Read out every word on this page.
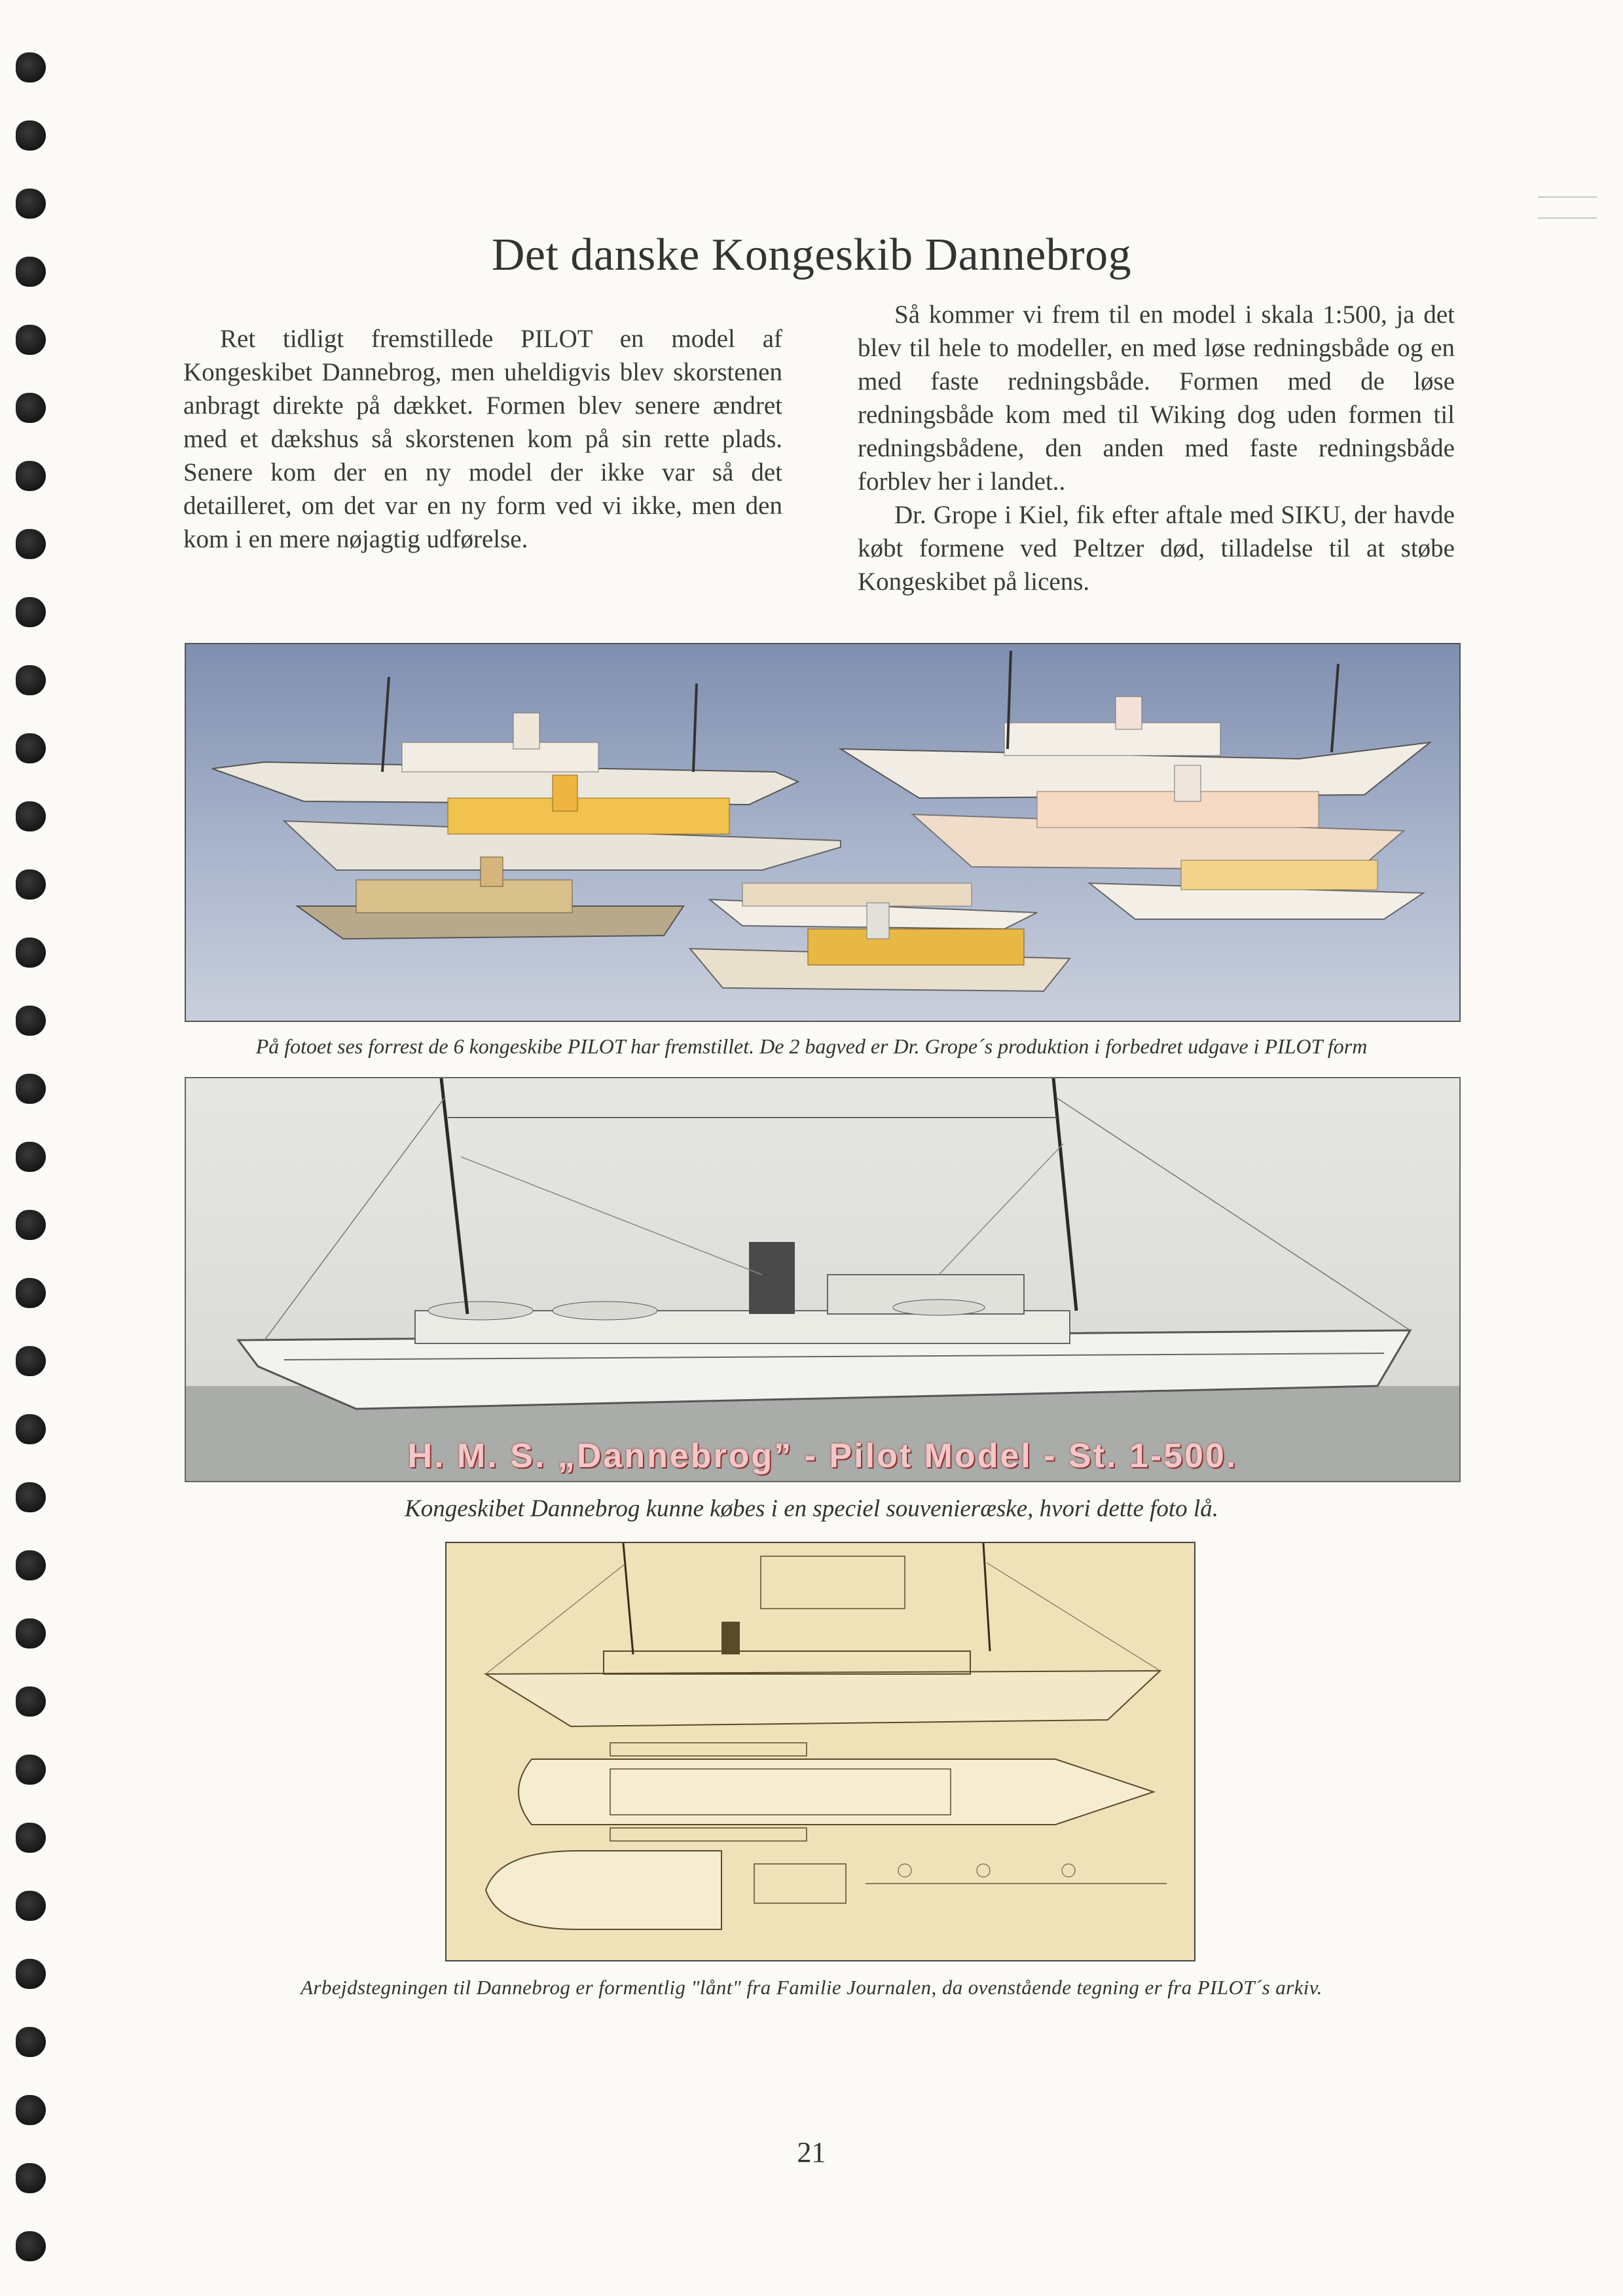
Det danske Kongeskib Dannebrog

Ret tidligt fremstillede PILOT en model af Kongeskibet Dannebrog, men uheldigvis blev skorstenen anbragt direkte på dækket. Formen blev senere ændret med et dækshus så skorstenen kom på sin rette plads. Senere kom der en ny model der ikke var så det detailleret, om det var en ny form ved vi ikke, men den kom i en mere nøjagtig udførelse.

Så kommer vi frem til en model i skala 1:500, ja det blev til hele to modeller, en med løse redningsbåde og en med faste redningsbåde. Formen med de løse redningsbåde kom med til Wiking dog uden formen til redningsbådene, den anden med faste redningsbåde forblev her i landet..

Dr. Grope i Kiel, fik efter aftale med SIKU, der havde købt formene ved Peltzer død, tilladelse til at støbe Kongeskibet på licens.

På fotoet ses forrest de 6 kongeskibe PILOT har fremstillet. De 2 bagved er Dr. Grope´s produktion i forbedret udgave i PILOT form
H. M. S. „Dannebrog” - Pilot Model - St. 1-500.
Kongeskibet Dannebrog kunne købes i en speciel souvenieræske, hvori dette foto lå.
Arbejdstegningen til Dannebrog er formentlig "lånt" fra Familie Journalen, da ovenstående tegning er fra PILOT´s arkiv.
21
